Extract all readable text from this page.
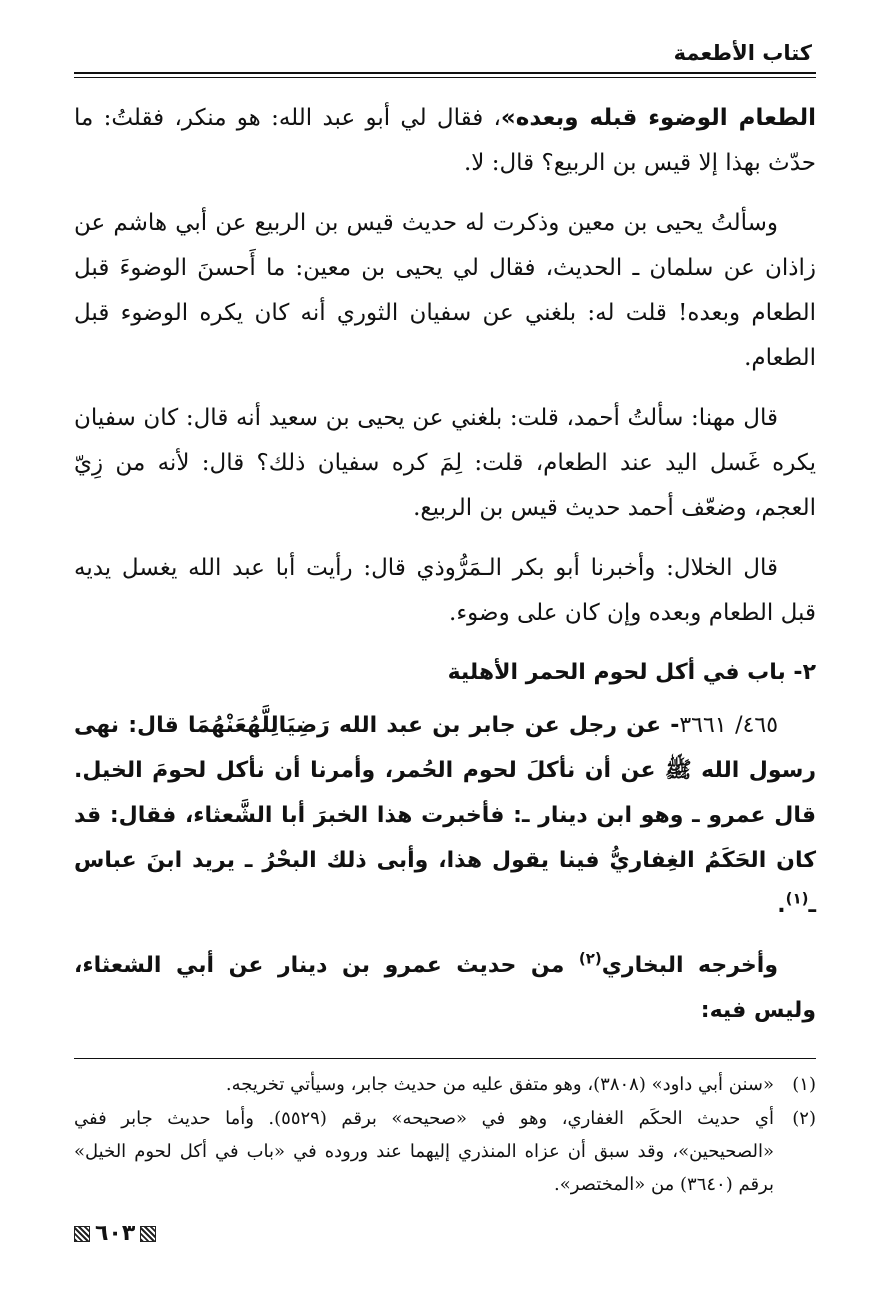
كتاب الأطعمة

الطعام الوضوء قبله وبعده»، فقال لي أبو عبد الله: هو منكر، فقلتُ: ما حدّث بهذا إلا قيس بن الربيع؟ قال: لا.

وسألتُ يحيى بن معين وذكرت له حديث قيس بن الربيع عن أبي هاشم عن زاذان عن سلمان ـ الحديث، فقال لي يحيى بن معين: ما أَحسنَ الوضوءَ قبل الطعام وبعده! قلت له: بلغني عن سفيان الثوري أنه كان يكره الوضوء قبل الطعام.

قال مهنا: سألتُ أحمد، قلت: بلغني عن يحيى بن سعيد أنه قال: كان سفيان يكره غَسل اليد عند الطعام، قلت: لِمَ كره سفيان ذلك؟ قال: لأنه من زِيّ العجم، وضعّف أحمد حديث قيس بن الربيع.

قال الخلال: وأخبرنا أبو بكر الـمَرُّوذي قال: رأيت أبا عبد الله يغسل يديه قبل الطعام وبعده وإن كان على وضوء.

٢- باب في أكل لحوم الحمر الأهلية

٤٦٥/ ٣٦٦١- عن رجل عن جابر بن عبد الله رَضِيَالِلَّهُعَنْهُمَا قال: نهى رسول الله ﷺ عن أن نأكلَ لحوم الحُمر، وأمرنا أن نأكل لحومَ الخيل. قال عمرو ـ وهو ابن دينار ـ: فأخبرت هذا الخبرَ أبا الشَّعثاء، فقال: قد كان الحَكَمُ الغِفاريُّ فينا يقول هذا، وأبى ذلك البحْرُ ـ يريد ابنَ عباس ـ$^{(١)}$.

وأخرجه البخاري$^{(٢)}$ من حديث عمرو بن دينار عن أبي الشعثاء، وليس فيه:

(١)
«سنن أبي داود» (٣٨٠٨)، وهو متفق عليه من حديث جابر، وسيأتي تخريجه.

(٢)
أي حديث الحكَم الغفاري، وهو في «صحيحه» برقم (٥٥٢٩). وأما حديث جابر ففي «الصحيحين»، وقد سبق أن عزاه المنذري إليهما عند وروده في «باب في أكل لحوم الخيل» برقم (٣٦٤٠) من «المختصر».

٦٠٣
